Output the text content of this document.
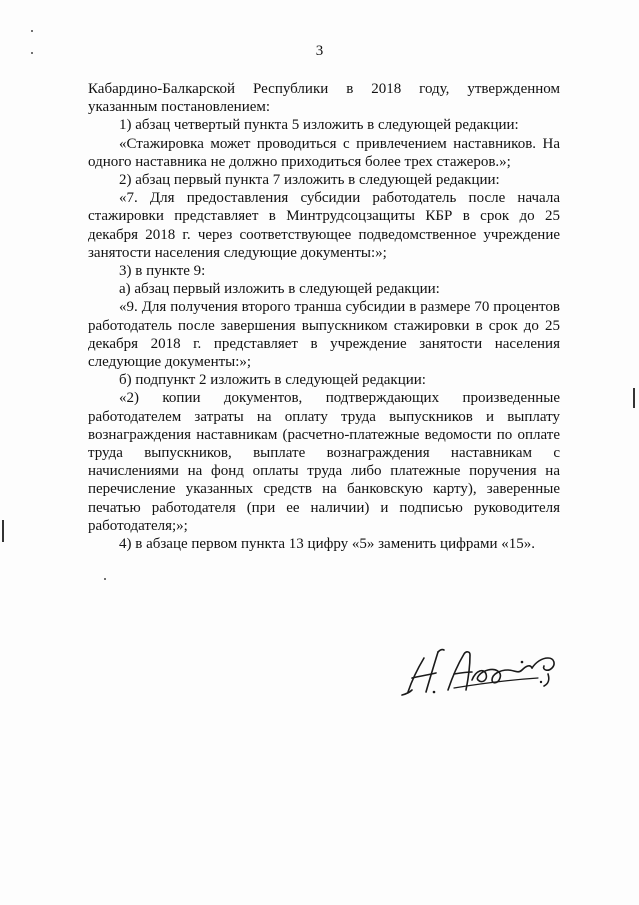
3

Кабардино-Балкарской Республики в 2018 году, утвержденном указанным постановлением:

1) абзац четвертый пункта 5 изложить в следующей редакции:

«Стажировка может проводиться с привлечением наставников. На одного наставника не должно приходиться более трех стажеров.»;

2) абзац первый пункта 7 изложить в следующей редакции:

«7. Для предоставления субсидии работодатель после начала стажировки представляет в Минтрудсоцзащиты КБР в срок до 25 декабря 2018 г. через соответствующее подведомственное учреждение занятости населения следующие документы:»;

3) в пункте 9:

а) абзац первый изложить в следующей редакции:

«9. Для получения второго транша субсидии в размере 70 процентов работодатель после завершения выпускником стажировки в срок до 25 декабря 2018 г. представляет в учреждение занятости населения следующие документы:»;

б) подпункт 2 изложить в следующей редакции:

«2) копии документов, подтверждающих произведенные работодателем затраты на оплату труда выпускников и выплату вознаграждения наставникам (расчетно-платежные ведомости по оплате труда выпускников, выплате вознаграждения наставникам с начислениями на фонд оплаты труда либо платежные поручения на перечисление указанных средств на банковскую карту), заверенные печатью работодателя (при ее наличии) и подписью руководителя работодателя;»;

4) в абзаце первом пункта 13 цифру «5» заменить цифрами «15».
